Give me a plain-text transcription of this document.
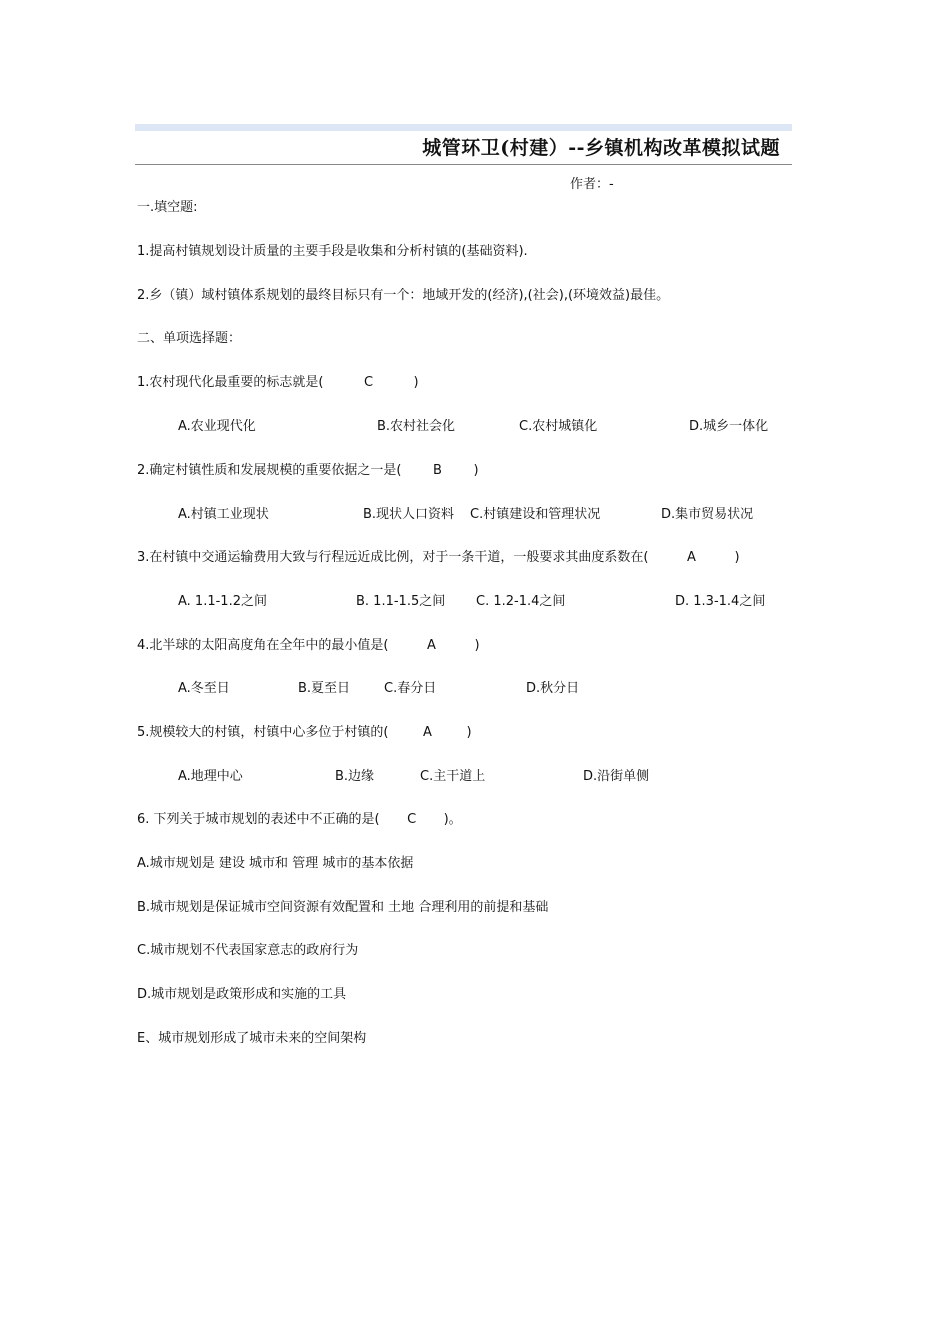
城管环卫(村建）--乡镇机构改革模拟试题
作者：-
一.填空题:
1.提高村镇规划设计质量的主要手段是收集和分析村镇的(基础资料).
2.乡（镇）域村镇体系规划的最终目标只有一个：地域开发的(经济),(社会),(环境效益)最佳。
二、单项选择题：
1.农村现代化最重要的标志就是(	C	)
A.农业现代化	B.农村社会化	C.农村城镇化	D.城乡一体化
2.确定村镇性质和发展规模的重要依据之一是( B )
A.村镇工业现状	B.现状人口资料 C.村镇建设和管理状况	D.集市贸易状况
3.在村镇中交通运输费用大致与行程远近成比例，对于一条干道，一般要求其曲度系数在(	A	)
A. 1.1-1.2之间	B. 1.1-1.5之间 C. 1.2-1.4之间	D. 1.3-1.4之间
4.北半球的太阳高度角在全年中的最小值是(	A	)
A.冬至日	B.夏至日	C.春分日	D.秋分日
5.规模较大的村镇，村镇中心多位于村镇的(	A	)
A.地理中心	B.边缘	C.主干道上	D.沿街单侧
6. 下列关于城市规划的表述中不正确的是( C )。
A.城市规划是 建设 城市和 管理 城市的基本依据
B.城市规划是保证城市空间资源有效配置和 土地 合理利用的前提和基础
C.城市规划不代表国家意志的政府行为
D.城市规划是政策形成和实施的工具
E、城市规划形成了城市未来的空间架构
